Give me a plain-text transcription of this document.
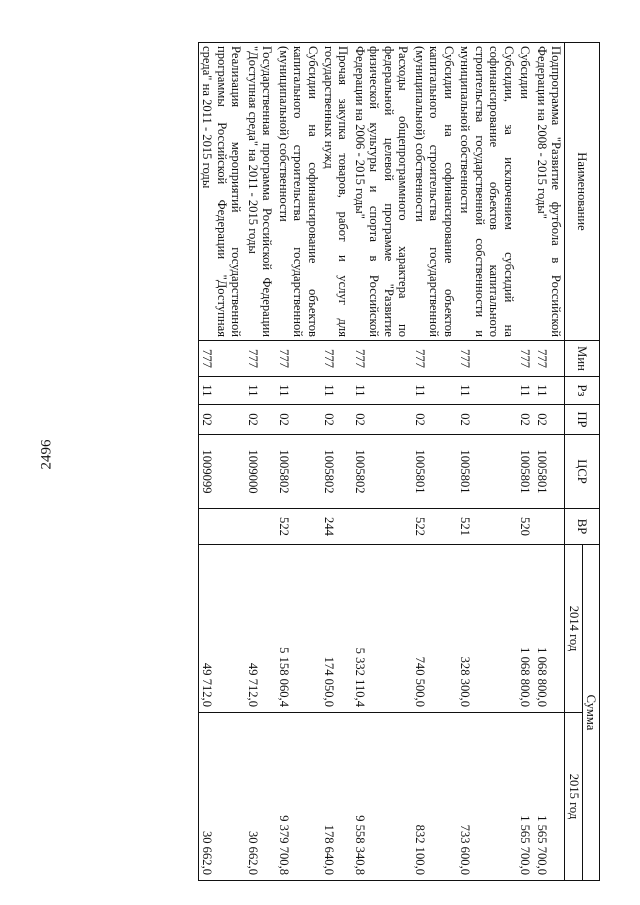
2496
Наименование	Мин	Рз	ПР	ЦСР	ВР	Сумма	
						2014 год	2015 год
Подпрограмма "Развитие футбола в Российской Федерации на 2008 - 2015 годы"	777	11	02	1005801		1 068 800,0	1 565 700,0
Субсидии	777	11	02	1005801	520	1 068 800,0	1 565 700,0
Субсидии, за исключением субсидий на софинансирование объектов капитального строительства государственной собственности и муниципальной собственности	777	11	02	1005801	521	328 300,0	733 600,0
Субсидии на софинансирование объектов капитального строительства государственной (муниципальной) собственности	777	11	02	1005801	522	740 500,0	832 100,0
Расходы общепрограммного характера по федеральной целевой программе "Развитие физической культуры и спорта в Российской Федерации на 2006 - 2015 годы"	777	11	02	1005802		5 332 110,4	9 558 340,8
Прочая закупка товаров, работ и услуг для государственных нужд	777	11	02	1005802	244	174 050,0	178 640,0
Субсидии на софинансирование объектов капитального строительства государственной (муниципальной) собственности	777	11	02	1005802	522	5 158 060,4	9 379 700,8
Государственная программа Российской Федерации "Доступная среда" на 2011 - 2015 годы	777	11	02	1009000		49 712,0	30 662,0
Реализация мероприятий государственной программы Российской Федерации "Доступная среда" на 2011 - 2015 годы	777	11	02	1009099		49 712,0	30 662,0
